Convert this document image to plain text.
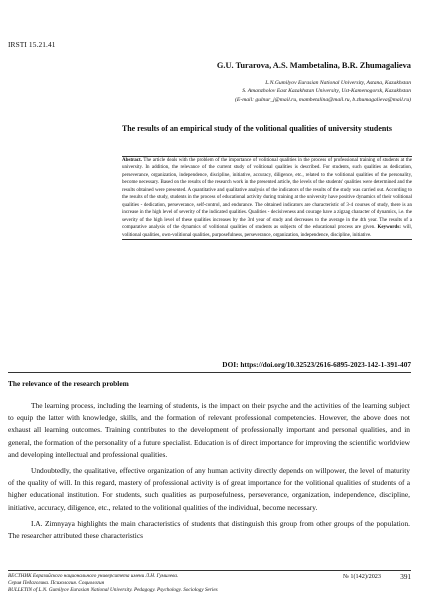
IRSTI 15.21.41
G.U. Turarova, A.S. Mambetalina, B.R. Zhumagalieva
L.N.Gumilyov Eurasian National University, Astana, Kazakhstan
S. Amanzholov East Kazakhstan University, Ust-Kamenogorsk, Kazakhstan
(E-mail: gulnur_j@mail.ru, mambetalina@mail.ru, b.zhumagalieva@mail.ru)
The results of an empirical study of the volitional qualities of university students

Abstract. The article deals with the problem of the importance of volitional qualities in the process of professional training of students at the university. In addition, the relevance of the current study of volitional qualities is described. For students, such qualities as dedication, perseverance, organization, independence, discipline, initiative, accuracy, diligence, etc., related to the volitional qualities of the personality, become necessary. Based on the results of the research work in the presented article, the levels of the students' qualities were determined and the results obtained were presented. A quantitative and qualitative analysis of the indicators of the results of the study was carried out. According to the results of the study, students in the process of educational activity during training at the university have positive dynamics of their volitional qualities - dedication, perseverance, self-control, and endurance. The obtained indicators are characteristic of 3-4 courses of study, there is an increase in the high level of severity of the indicated qualities. Qualities - decisiveness and courage have a zigzag character of dynamics, i.e. the severity of the high level of these qualities increases by the 3rd year of study and decreases to the average in the 4th year. The results of a comparative analysis of the dynamics of volitional qualities of students as subjects of the educational process are given. Keywords: will, volitional qualities, own-volitional qualities, purposefulness, perseverance, organization, independence, discipline, initiative.

DOI: https://doi.org/10.32523/2616-6895-2023-142-1-391-407
The relevance of the research problem

The learning process, including the learning of students, is the impact on their psyche and the activities of the learning subject to equip the latter with knowledge, skills, and the formation of relevant professional competencies. However, the above does not exhaust all learning outcomes. Training contributes to the development of professionally important and personal qualities, and in general, the formation of the personality of a future specialist. Education is of direct importance for improving the scientific worldview and developing intellectual and professional qualities.

Undoubtedly, the qualitative, effective organization of any human activity directly depends on willpower, the level of maturity of the quality of will. In this regard, mastery of professional activity is of great importance for the volitional qualities of students of a higher educational institution. For students, such qualities as purposefulness, perseverance, organization, independence, discipline, initiative, accuracy, diligence, etc., related to the volitional qualities of the individual, become necessary.

I.A. Zimnyaya highlights the main characteristics of students that distinguish this group from other groups of the population. The researcher attributed these characteristics

ВЕСТНИК Евразийского национального университета имени Л.Н. Гумилева.
Серия Педагогика. Психология. Социология
BULLETIN of L.N. Gumilyov Eurasian National University. Pedagogy. Psychology. Sociology Series
№ 1(142)/2023	391
